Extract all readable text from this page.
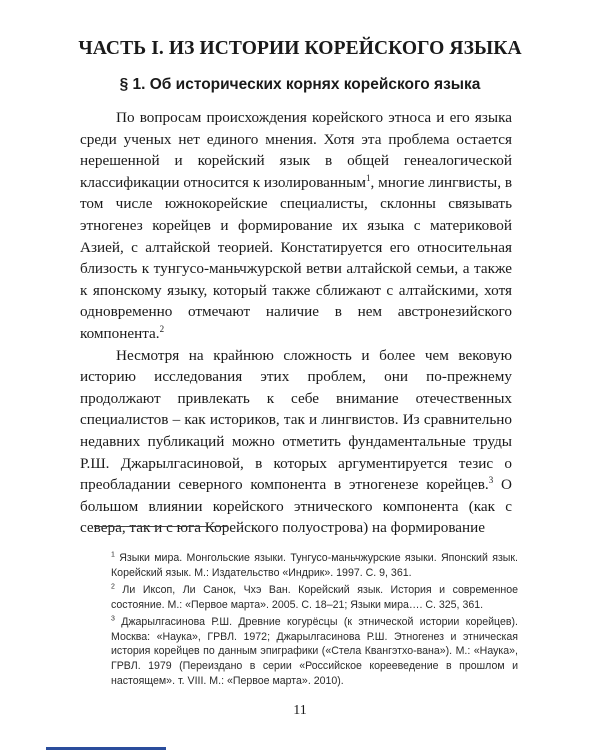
ЧАСТЬ I. ИЗ ИСТОРИИ КОРЕЙСКОГО ЯЗЫКА
§ 1. Об исторических корнях корейского языка

По вопросам происхождения корейского этноса и его языка среди ученых нет единого мнения. Хотя эта проблема остается нерешенной и корейский язык в общей генеалогической классификации относится к изолированным$^1$, многие лингвисты, в том числе южнокорейские специалисты, склонны связывать этногенез корейцев и формирование их языка с материковой Азией, с алтайской теорией. Констатируется его относительная близость к тунгусо-маньчжурской ветви алтайской семьи, а также к японскому языку, который также сближают с алтайскими, хотя одновременно отмечают наличие в нем австронезийского компонента.$^2$

Несмотря на крайнюю сложность и более чем вековую историю исследования этих проблем, они по-прежнему продолжают привлекать к себе внимание отечественных специалистов – как историков, так и лингвистов. Из сравнительно недавних публикаций можно отметить фундаментальные труды Р.Ш. Джарылгасиновой, в которых аргументируется тезис о преобладании северного компонента в этногенезе корейцев.$^3$ О большом влиянии корейского этнического компонента (как с севера, так и с юга Корейского полуострова) на формирование

$^1$ Языки мира. Монгольские языки. Тунгусо-маньчжурские языки. Японский язык. Корейский язык. М.: Издательство «Индрик». 1997. С. 9, 361.

$^2$ Ли Иксоп, Ли Санок, Чхэ Ван. Корейский язык. История и современное состояние. М.: «Первое марта». 2005. С. 18–21; Языки мира…. С. 325, 361.

$^3$ Джарылгасинова Р.Ш. Древние когурёсцы (к этнической истории корейцев). Москва: «Наука», ГРВЛ. 1972; Джарылгасинова Р.Ш. Этногенез и этническая история корейцев по данным эпиграфики («Стела Квангэтхо-вана»). М.: «Наука», ГРВЛ. 1979 (Переиздано в серии «Российское корееведение в прошлом и настоящем». т. VIII. М.: «Первое марта». 2010).

11
